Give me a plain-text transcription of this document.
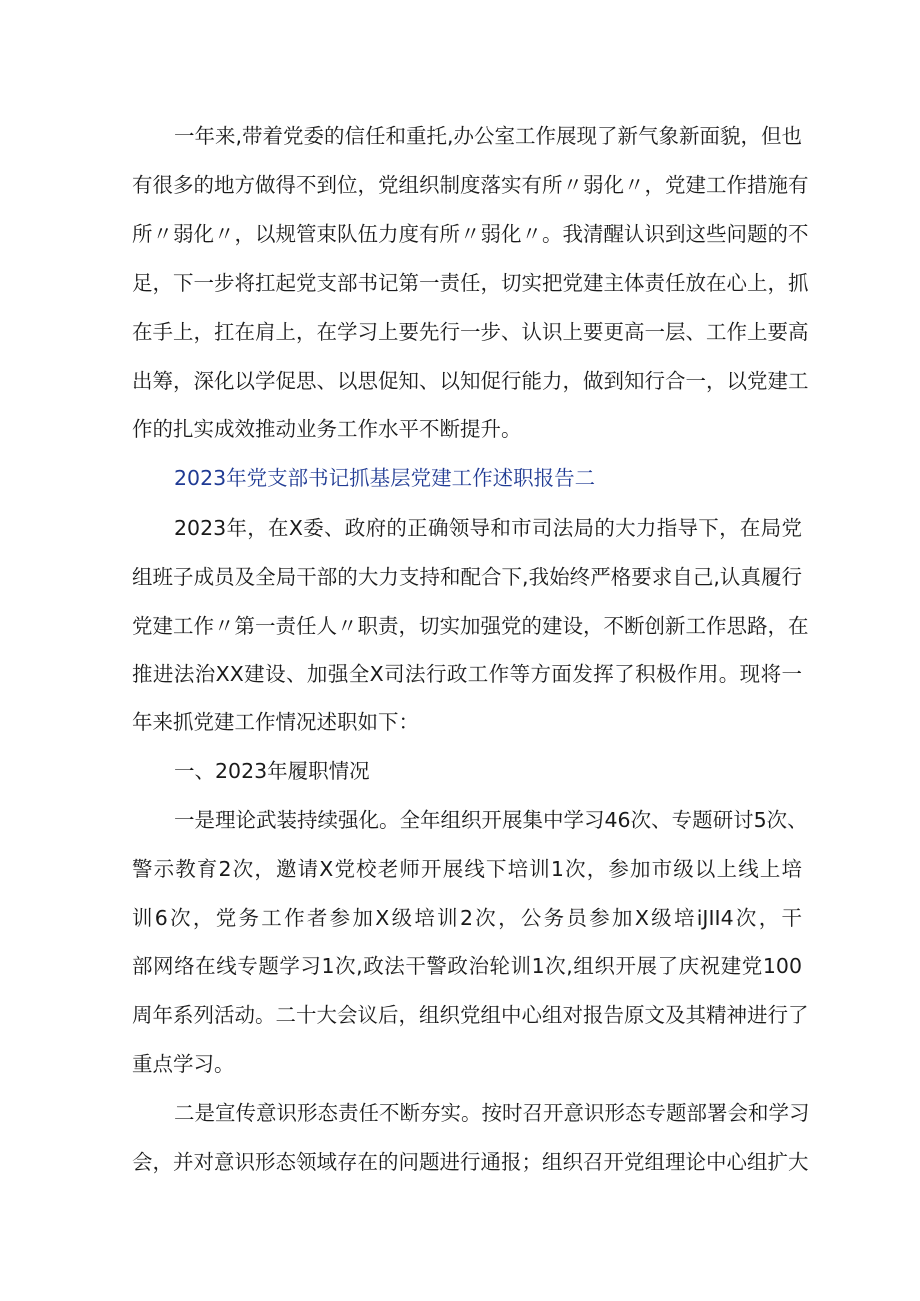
一年来,带着党委的信任和重托,办公室工作展现了新气象新面貌，但也
有很多的地方做得不到位，党组织制度落实有所〃弱化〃，党建工作措施有
所〃弱化〃，以规管束队伍力度有所〃弱化〃。我清醒认识到这些问题的不
足，下一步将扛起党支部书记第一责任，切实把党建主体责任放在心上，抓
在手上，扛在肩上，在学习上要先行一步、认识上要更高一层、工作上要高
出筹，深化以学促思、以思促知、以知促行能力，做到知行合一，以党建工
作的扎实成效推动业务工作水平不断提升。
2023年党支部书记抓基层党建工作述职报告二
2023年，在X委、政府的正确领导和市司法局的大力指导下，在局党
组班子成员及全局干部的大力支持和配合下,我始终严格要求自己,认真履行
党建工作〃第一责任人〃职责，切实加强党的建设，不断创新工作思路，在
推进法治XX建设、加强全X司法行政工作等方面发挥了积极作用。现将一
年来抓党建工作情况述职如下：
一、2023年履职情况
一是理论武装持续强化。全年组织开展集中学习46次、专题研讨5次、
警示教育2次，邀请X党校老师开展线下培训1次，参加市级以上线上培
训6次，党务工作者参加X级培训2次，公务员参加X级培iJII4次，干
部网络在线专题学习1次,政法干警政治轮训1次,组织开展了庆祝建党100
周年系列活动。二十大会议后，组织党组中心组对报告原文及其精神进行了
重点学习。
二是宣传意识形态责任不断夯实。按时召开意识形态专题部署会和学习
会，并对意识形态领域存在的问题进行通报；组织召开党组理论中心组扩大
